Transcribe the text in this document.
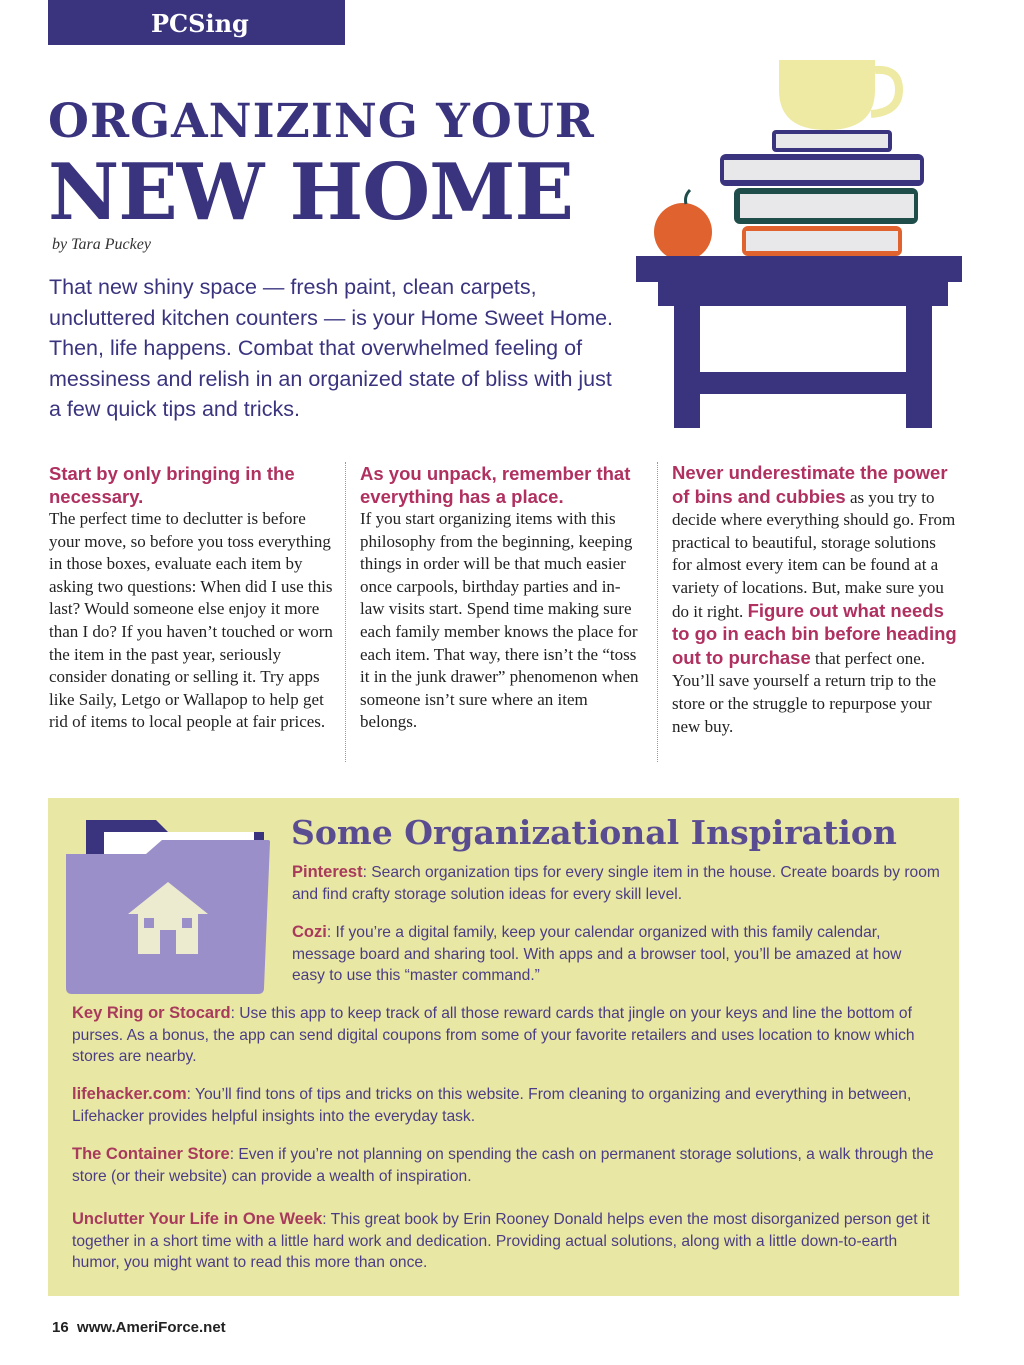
PCSing
ORGANIZING YOUR
NEW HOME
by Tara Puckey
That new shiny space — fresh paint, clean carpets, uncluttered kitchen counters — is your Home Sweet Home. Then, life happens. Combat that overwhelmed feeling of messiness and relish in an organized state of bliss with just a few quick tips and tricks.
Start by only bringing in the necessary.
The perfect time to declutter is before your move, so before you toss everything in those boxes, evaluate each item by asking two questions: When did I use this last? Would someone else enjoy it more than I do? If you haven’t touched or worn the item in the past year, seriously consider donating or selling it. Try apps like Saily, Letgo or Wallapop to help get rid of items to local people at fair prices.
As you unpack, remember that everything has a place.
If you start organizing items with this philosophy from the beginning, keeping things in order will be that much easier once carpools, birthday parties and in-law visits start. Spend time making sure each family member knows the place for each item. That way, there isn’t the “toss it in the junk drawer” phenomenon when someone isn’t sure where an item belongs.
Never underestimate the power of bins and cubbies as you try to decide where everything should go. From practical to beautiful, storage solutions for almost every item can be found at a variety of locations. But, make sure you do it right. Figure out what needs to go in each bin before heading out to purchase that perfect one. You’ll save yourself a return trip to the store or the struggle to repurpose your new buy.
Some Organizational Inspiration
Pinterest: Search organization tips for every single item in the house. Create boards by room and find crafty storage solution ideas for every skill level.
Cozi: If you’re a digital family, keep your calendar organized with this family calendar, message board and sharing tool. With apps and a browser tool, you’ll be amazed at how easy to use this “master command.”
Key Ring or Stocard: Use this app to keep track of all those reward cards that jingle on your keys and line the bottom of purses. As a bonus, the app can send digital coupons from some of your favorite retailers and uses location to know which stores are nearby.
lifehacker.com: You’ll find tons of tips and tricks on this website. From cleaning to organizing and everything in between, Lifehacker provides helpful insights into the everyday task.
The Container Store: Even if you’re not planning on spending the cash on permanent storage solutions, a walk through the store (or their website) can provide a wealth of inspiration.
Unclutter Your Life in One Week: This great book by Erin Rooney Donald helps even the most disorganized person get it together in a short time with a little hard work and dedication. Providing actual solutions, along with a little down-to-earth humor, you might want to read this more than once.
16 www.AmeriForce.net
